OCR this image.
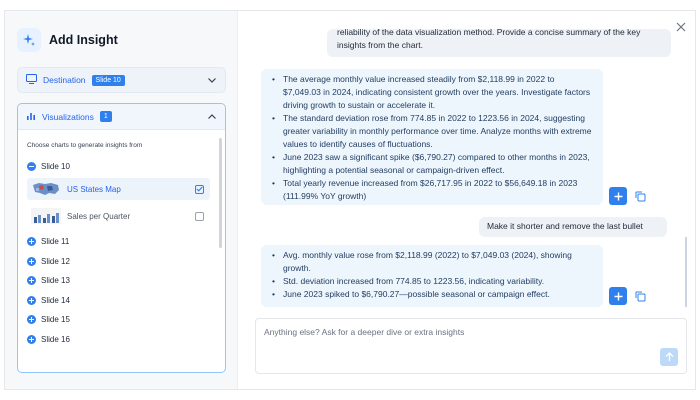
Add Insight
Destination	Slide 10
Visualizations	1
Choose charts to generate insights from
Slide 10
US States Map
Sales per Quarter
Slide 11
Slide 12
Slide 13
Slide 14
Slide 15
Slide 16
reliability of the data visualization method. Provide a concise summary of the key insights from the chart.
• The average monthly value increased steadily from $2,118.99 in 2022 to $7,049.03 in 2024, indicating consistent growth over the years. Investigate factors driving growth to sustain or accelerate it.
• The standard deviation rose from 774.85 in 2022 to 1223.56 in 2024, suggesting greater variability in monthly performance over time. Analyze months with extreme values to identify causes of fluctuations.
• June 2023 saw a significant spike ($6,790.27) compared to other months in 2023, highlighting a potential seasonal or campaign-driven effect.
• Total yearly revenue increased from $26,717.95 in 2022 to $56,649.18 in 2023 (111.99% YoY growth)
Make it shorter and remove the last bullet
• Avg. monthly value rose from $2,118.99 (2022) to $7,049.03 (2024), showing growth.
• Std. deviation increased from 774.85 to 1223.56, indicating variability.
• June 2023 spiked to $6,790.27—possible seasonal or campaign effect.
Anything else? Ask for a deeper dive or extra insights
